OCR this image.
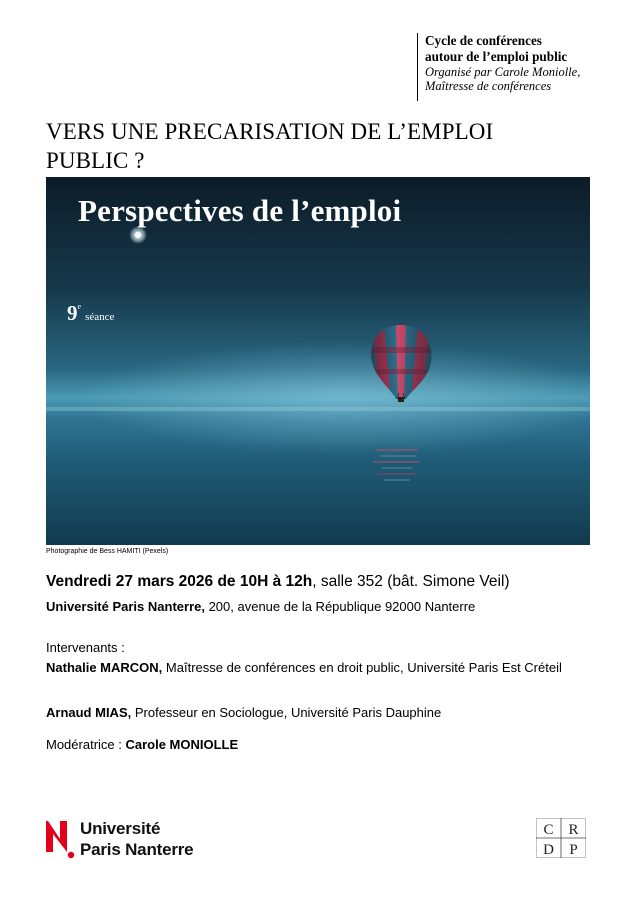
Cycle de conférences
autour de l’emploi public
Organisé par Carole Moniolle,
Maîtresse de conférences
VERS UNE PRECARISATION DE L’EMPLOI
PUBLIC ?
Perspectives de l’emploi
9e séance
Photographie de Bess HAMITI (Pexels)
Vendredi 27 mars 2026 de 10H à 12h, salle 352 (bât. Simone Veil)
Université Paris Nanterre, 200, avenue de la République 92000 Nanterre
Intervenants :
Nathalie MARCON, Maîtresse de conférences en droit public, Université Paris Est Créteil
Arnaud MIAS, Professeur en Sociologue, Université Paris Dauphine
Modératrice : Carole MONIOLLE
Université
Paris Nanterre
C R
D P
